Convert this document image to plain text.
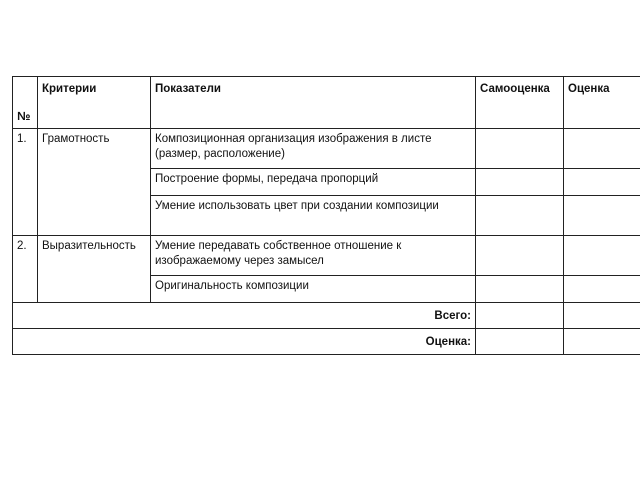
№	Критерии	Показатели	Самооценка	Оценка
1.	Грамотность	Композиционная организация изображения в листе (размер, расположение)		
		Построение формы, передача пропорций		
		Умение использовать цвет при создании композиции		
2.	Выразительность	Умение передавать собственное отношение к изображаемому через замысел		
		Оригинальность композиции		
Всего:				
Оценка:				
